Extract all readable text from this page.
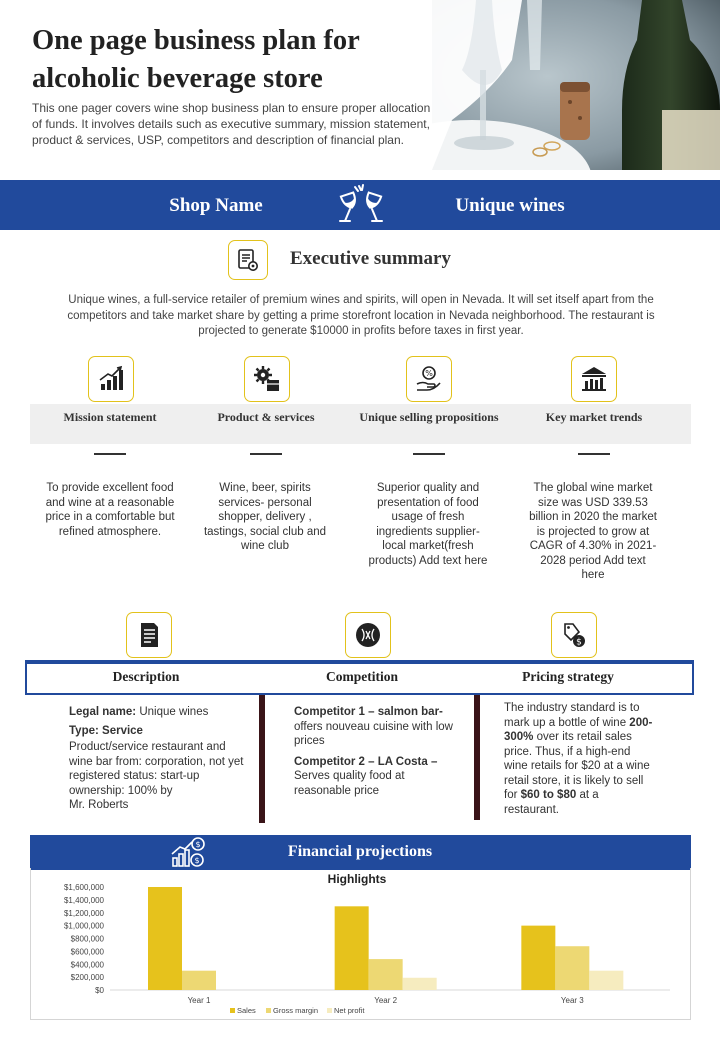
One page business plan for alcoholic beverage store

This one pager covers wine shop business plan to ensure proper allocation of funds. It involves details such as executive summary, mission statement, product & services, USP, competitors and description of financial plan.

Shop Name	Unique wines
Executive summary

Unique wines, a full-service retailer of premium wines and spirits, will open in Nevada. It will set itself apart from the competitors and take market share by getting a prime storefront location in Nevada neighborhood. The restaurant is projected to generate $10000 in profits before taxes in first year.

%
Mission statement	Product & services	Unique selling propositions	Key market trends

To provide excellent food and wine at a reasonable price in a comfortable but refined atmosphere.

Wine, beer, spirits services- personal shopper, delivery , tastings, social club and wine club

Superior quality and presentation of food usage of fresh ingredients supplier- local market(fresh products) Add text here

The global wine market size was USD 339.53 billion in 2020 the market is projected to grow at CAGR of 4.30% in 2021-2028 period Add text here

$
Description	Competition	Pricing strategy

Legal name: Unique wines

Type: Service

Product/service restaurant and wine bar from: corporation, not yet registered status: start-up ownership: 100% by

Mr. Roberts

Competitor 1 – salmon bar- offers nouveau cuisine with low prices

Competitor 2 – LA Costa – Serves quality food at reasonable price

The industry standard is to mark up a bottle of wine 200-300% over its retail sales price. Thus, if a high-end wine retails for $20 at a wine retail store, it is likely to sell for $60 to $80 at a restaurant.

$
$
Financial projections
Highlights
$1,600,000
$1,400,000
$1,200,000
$1,000,000
$800,000
$600,000
$400,000
$200,000
$0
Year 1	Year 2	Year 3
Sales Gross margin Net profit
